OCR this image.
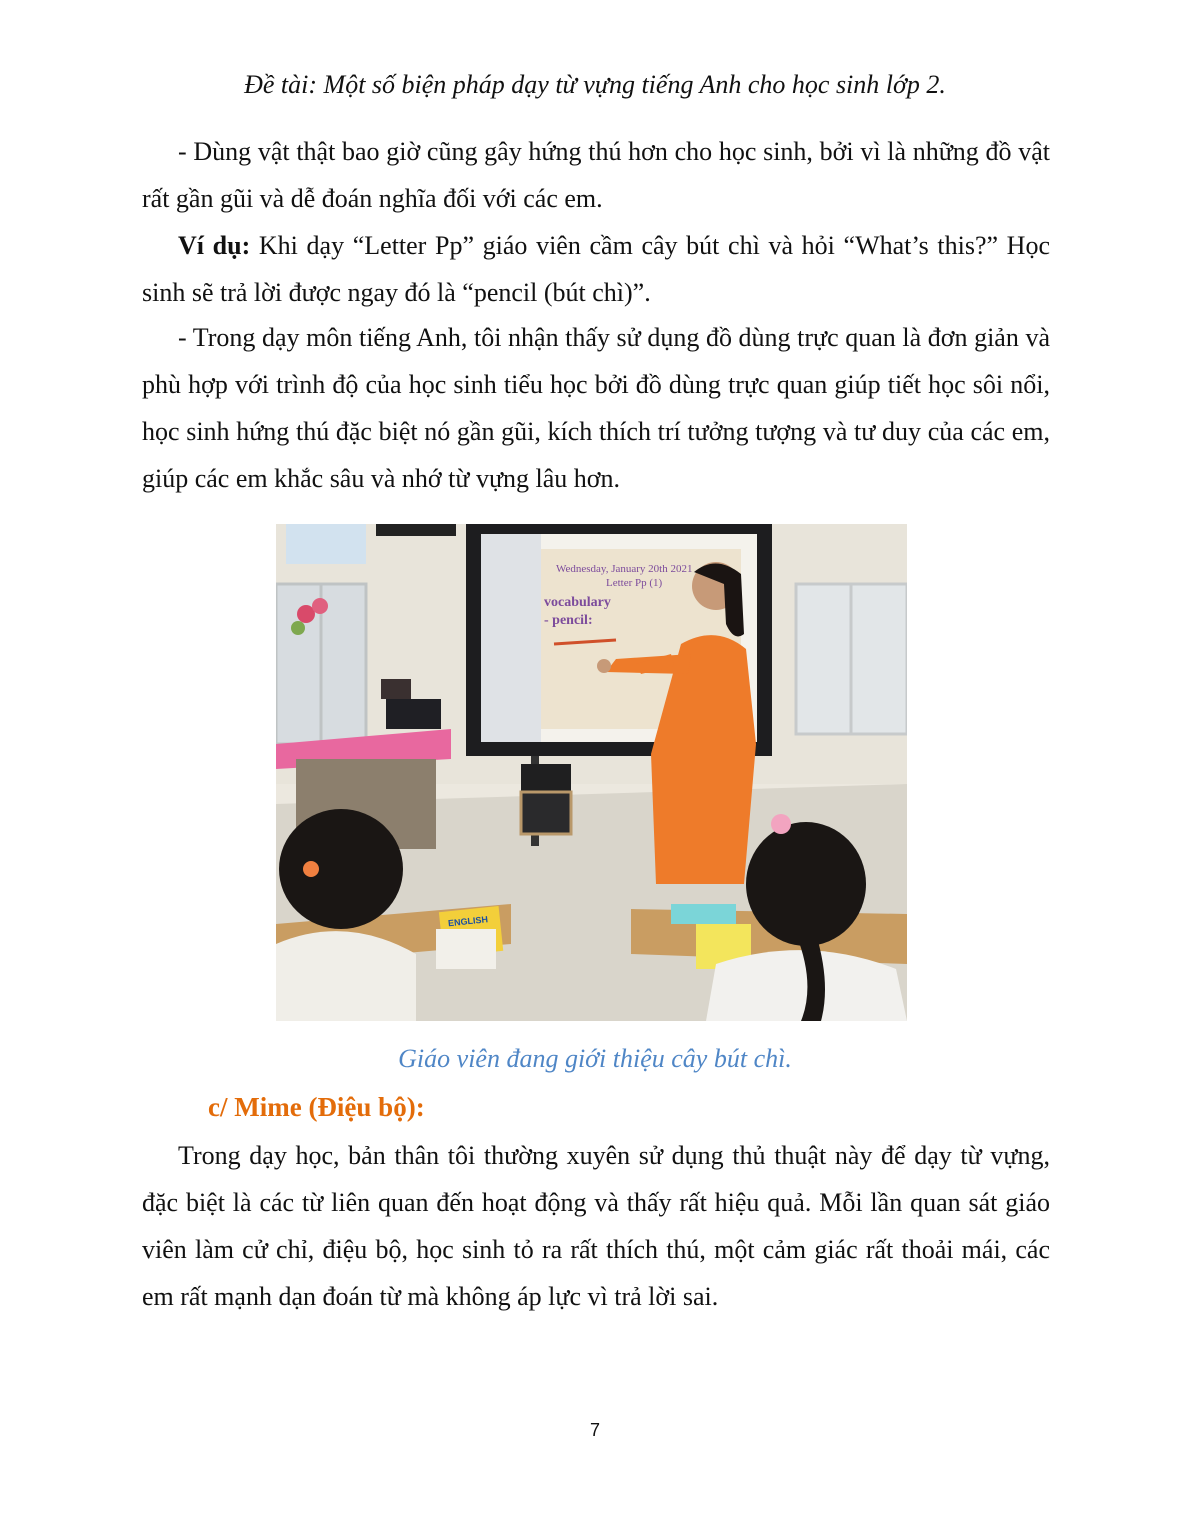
Đề tài: Một số biện pháp dạy từ vựng tiếng Anh cho học sinh lớp 2.

- Dùng vật thật bao giờ cũng gây hứng thú hơn cho học sinh, bởi vì là những đồ vật rất gần gũi và dễ đoán nghĩa đối với các em.

Ví dụ: Khi dạy “Letter Pp” giáo viên cầm cây bút chì và hỏi “What’s this?” Học sinh sẽ trả lời được ngay đó là “pencil (bút chì)”.

- Trong dạy môn tiếng Anh, tôi nhận thấy sử dụng đồ dùng trực quan là đơn giản và phù hợp với trình độ của học sinh tiểu học bởi đồ dùng trực quan giúp tiết học sôi nổi, học sinh hứng thú đặc biệt nó gần gũi, kích thích trí tưởng tượng và tư duy của các em, giúp các em khắc sâu và nhớ từ vựng lâu hơn.

Wednesday, January 20th 2021
Letter Pp (1)
vocabulary
- pencil:
ENGLISH
Giáo viên đang giới thiệu cây bút chì.
c/ Mime (Điệu bộ):

Trong dạy học, bản thân tôi thường xuyên sử dụng thủ thuật này để dạy từ vựng, đặc biệt là các từ liên quan đến hoạt động và thấy rất hiệu quả. Mỗi lần quan sát giáo viên làm cử chỉ, điệu bộ, học sinh tỏ ra rất thích thú, một cảm giác rất thoải mái, các em rất mạnh dạn đoán từ mà không áp lực vì trả lời sai.

7
